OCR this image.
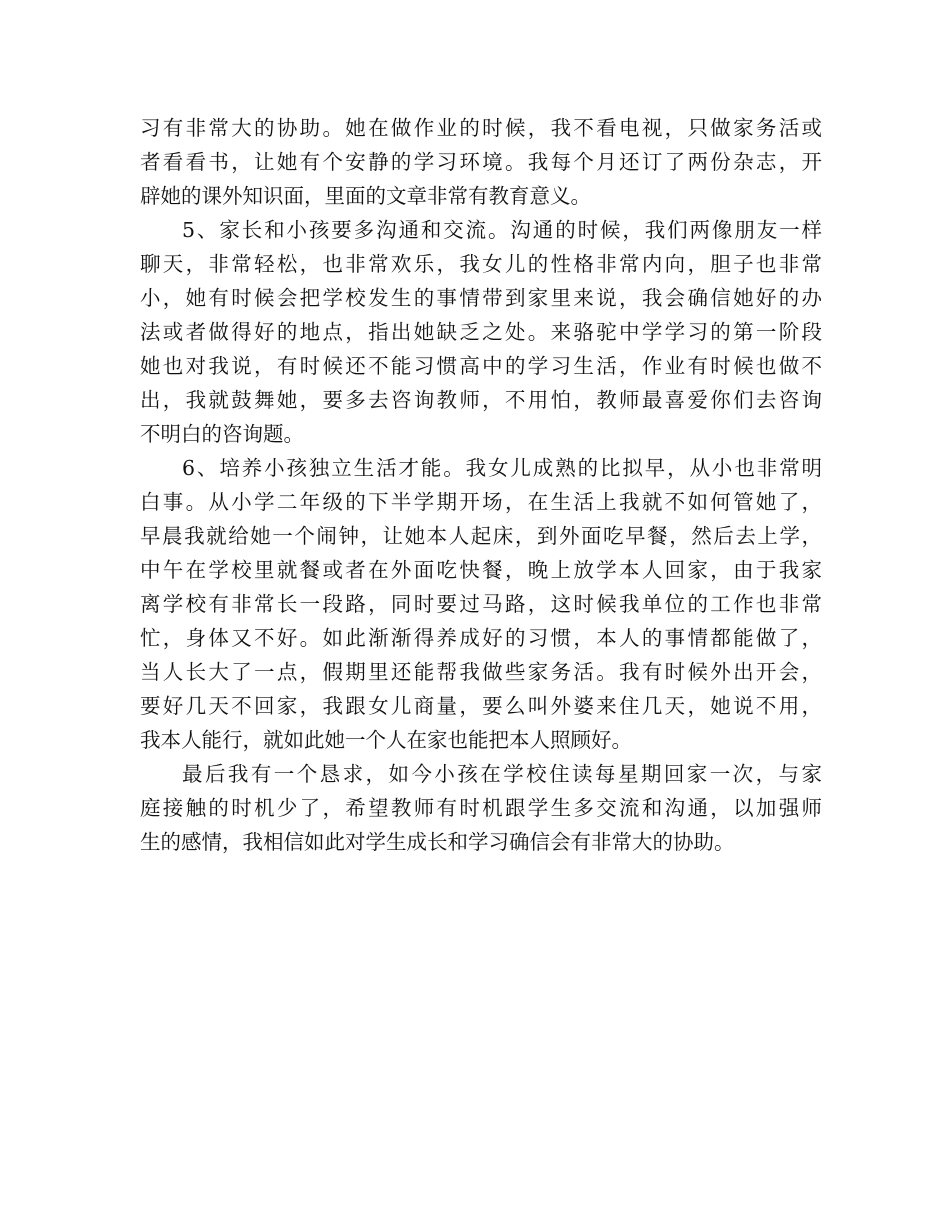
习有非常大的协助。她在做作业的时候，我不看电视，只做家务活或
者看看书，让她有个安静的学习环境。我每个月还订了两份杂志，开
辟她的课外知识面，里面的文章非常有教育意义。
5、家长和小孩要多沟通和交流。沟通的时候，我们两像朋友一样
聊天，非常轻松，也非常欢乐，我女儿的性格非常内向，胆子也非常
小，她有时候会把学校发生的事情带到家里来说，我会确信她好的办
法或者做得好的地点，指出她缺乏之处。来骆驼中学学习的第一阶段
她也对我说，有时候还不能习惯高中的学习生活，作业有时候也做不
出，我就鼓舞她，要多去咨询教师，不用怕，教师最喜爱你们去咨询
不明白的咨询题。
6、培养小孩独立生活才能。我女儿成熟的比拟早，从小也非常明
白事。从小学二年级的下半学期开场，在生活上我就不如何管她了，
早晨我就给她一个闹钟，让她本人起床，到外面吃早餐，然后去上学，
中午在学校里就餐或者在外面吃快餐，晚上放学本人回家，由于我家
离学校有非常长一段路，同时要过马路，这时候我单位的工作也非常
忙，身体又不好。如此渐渐得养成好的习惯，本人的事情都能做了，
当人长大了一点，假期里还能帮我做些家务活。我有时候外出开会，
要好几天不回家，我跟女儿商量，要么叫外婆来住几天，她说不用，
我本人能行，就如此她一个人在家也能把本人照顾好。
最后我有一个恳求，如今小孩在学校住读每星期回家一次，与家
庭接触的时机少了，希望教师有时机跟学生多交流和沟通，以加强师
生的感情，我相信如此对学生成长和学习确信会有非常大的协助。
